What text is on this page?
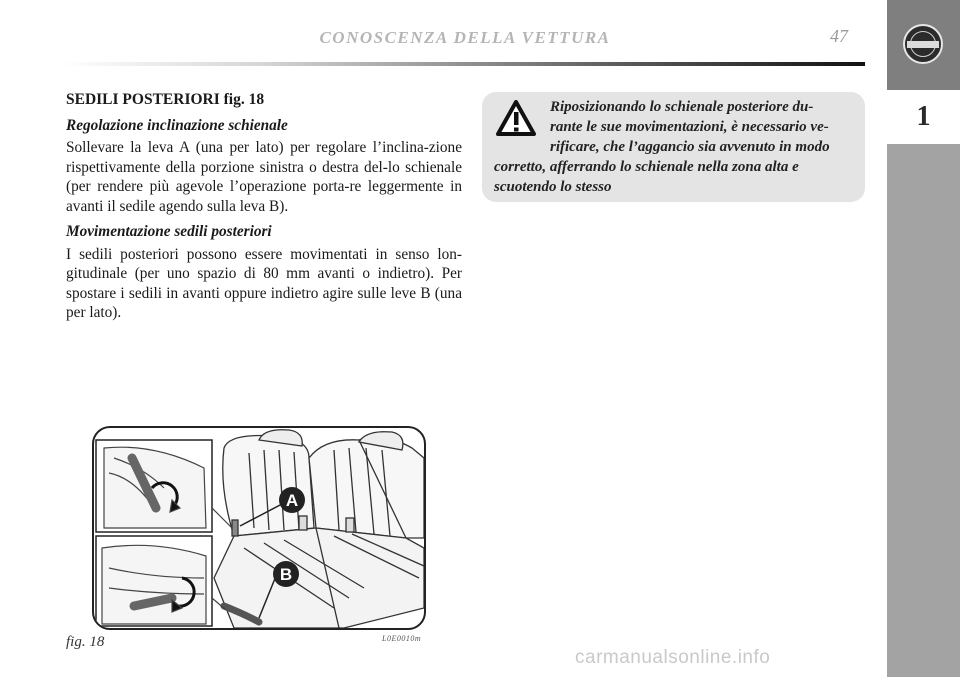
1
CONOSCENZA DELLA VETTURA	47

SEDILI POSTERIORI fig. 18

Regolazione inclinazione schienale

Sollevare la leva A (una per lato) per regolare l’inclina-zione rispettivamente della porzione sinistra o destra del-lo schienale (per rendere più agevole l’operazione porta-re leggermente in avanti il sedile agendo sulla leva B).

Movimentazione sedili posteriori

I sedili posteriori possono essere movimentati in senso lon-gitudinale (per uno spazio di 80 mm avanti o indietro). Per spostare i sedili in avanti oppure indietro agire sulle leve B (una per lato).

Riposizionando lo schienale posteriore du-
rante le sue movimentazioni, è necessario ve-
rificare, che l’aggancio sia avvenuto in modo
corretto, afferrando lo schienale nella zona alta e
scuotendo lo stesso
A
B
fig. 18	L0E0010m
carmanualsonline.info
